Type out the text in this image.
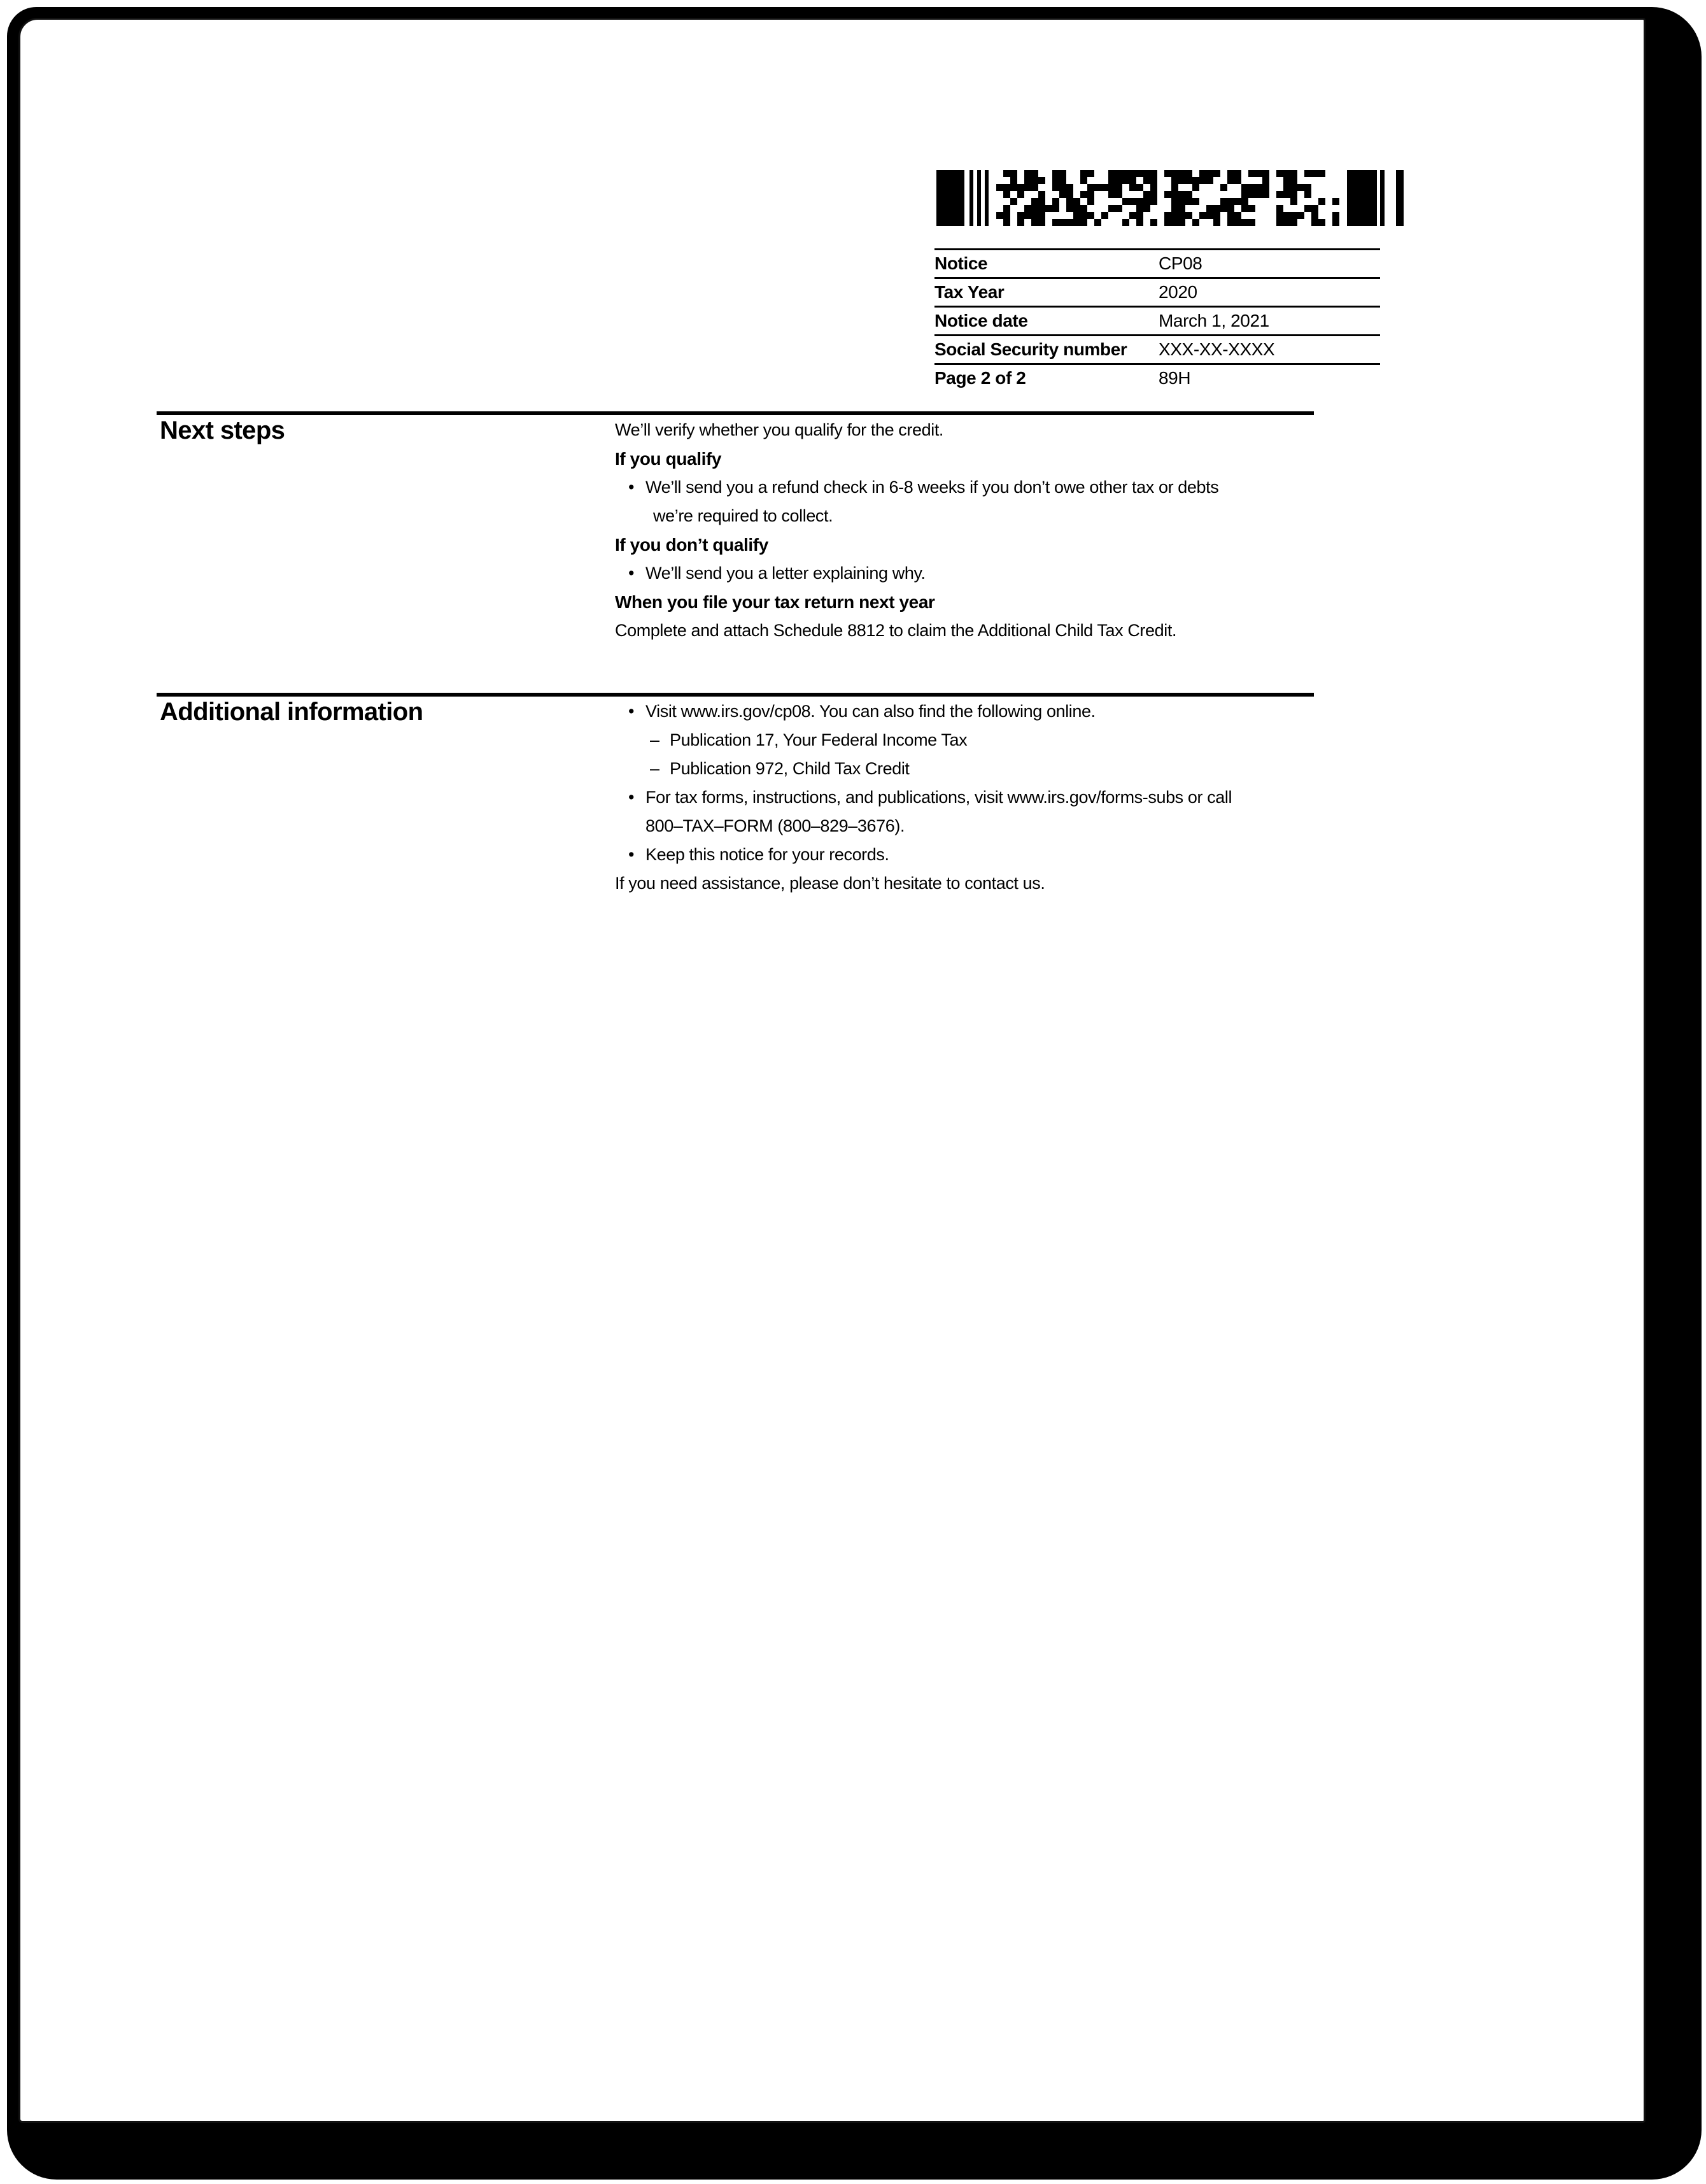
Notice	CP08
Tax Year	2020
Notice date	March 1, 2021
Social Security number	XXX-XX-XXXX
Page 2 of 2	89H
Next steps	We’ll verify whether you qualify for the credit.
If you qualify
• We’ll send you a refund check in 6-8 weeks if you don’t owe other tax or debts
we’re required to collect.
If you don’t qualify
• We’ll send you a letter explaining why.
When you file your tax return next year
Complete and attach Schedule 8812 to claim the Additional Child Tax Credit.
Additional information	• Visit www.irs.gov/cp08. You can also find the following online.
– Publication 17, Your Federal Income Tax
– Publication 972, Child Tax Credit
• For tax forms, instructions, and publications, visit www.irs.gov/forms-subs or call
800–TAX–FORM (800–829–3676).
• Keep this notice for your records.
If you need assistance, please don’t hesitate to contact us.
